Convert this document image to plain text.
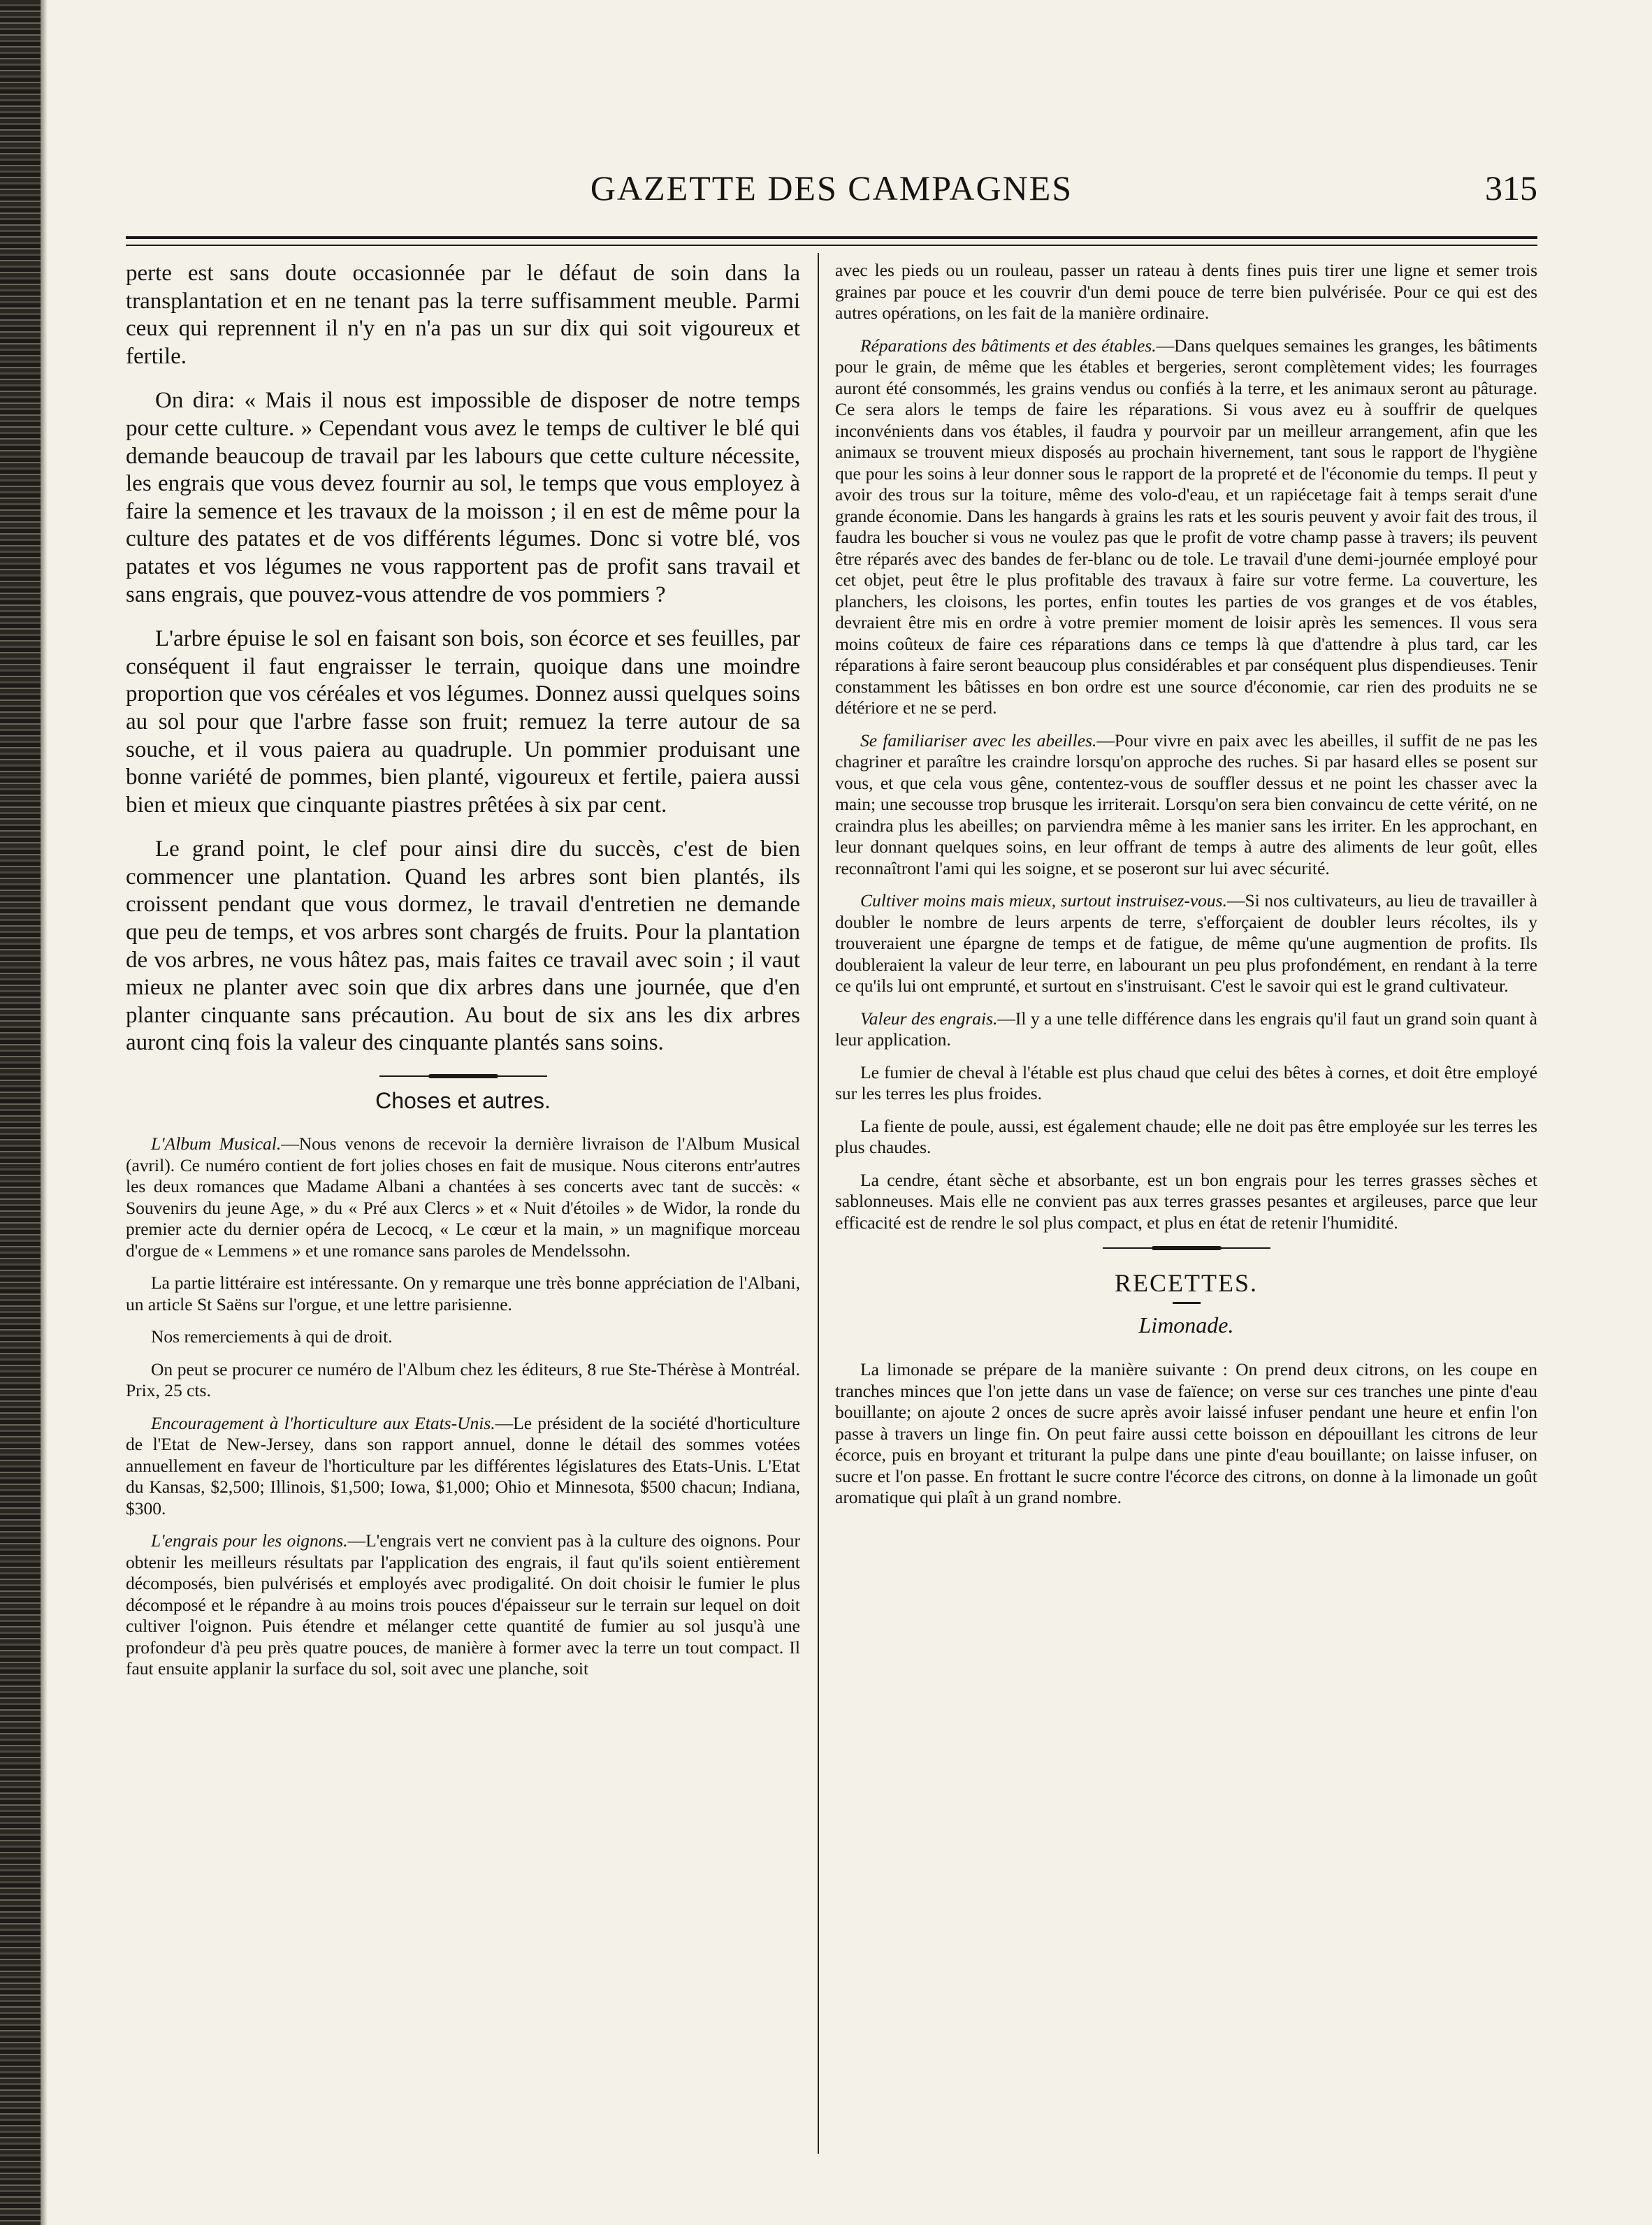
GAZETTE DES CAMPAGNES	315

perte est sans doute occasionnée par le défaut de soin dans la transplantation et en ne tenant pas la terre suffisamment meuble. Parmi ceux qui reprennent il n'y en n'a pas un sur dix qui soit vigoureux et fertile.

On dira: « Mais il nous est impossible de disposer de notre temps pour cette culture. » Cependant vous avez le temps de cultiver le blé qui demande beaucoup de travail par les labours que cette culture nécessite, les engrais que vous devez fournir au sol, le temps que vous employez à faire la semence et les travaux de la moisson ; il en est de même pour la culture des patates et de vos différents légumes. Donc si votre blé, vos patates et vos légumes ne vous rapportent pas de profit sans travail et sans engrais, que pouvez-vous attendre de vos pommiers ?

L'arbre épuise le sol en faisant son bois, son écorce et ses feuilles, par conséquent il faut engraisser le terrain, quoique dans une moindre proportion que vos céréales et vos légumes. Donnez aussi quelques soins au sol pour que l'arbre fasse son fruit; remuez la terre autour de sa souche, et il vous paiera au quadruple. Un pommier produisant une bonne variété de pommes, bien planté, vigoureux et fertile, paiera aussi bien et mieux que cinquante piastres prêtées à six par cent.

Le grand point, le clef pour ainsi dire du succès, c'est de bien commencer une plantation. Quand les arbres sont bien plantés, ils croissent pendant que vous dormez, le travail d'entretien ne demande que peu de temps, et vos arbres sont chargés de fruits. Pour la plantation de vos arbres, ne vous hâtez pas, mais faites ce travail avec soin ; il vaut mieux ne planter avec soin que dix arbres dans une journée, que d'en planter cinquante sans précaution. Au bout de six ans les dix arbres auront cinq fois la valeur des cinquante plantés sans soins.

Choses et autres.

L'Album Musical.—Nous venons de recevoir la dernière livraison de l'Album Musical (avril). Ce numéro contient de fort jolies choses en fait de musique. Nous citerons entr'autres les deux romances que Madame Albani a chantées à ses concerts avec tant de succès: « Souvenirs du jeune Age, » du « Pré aux Clercs » et « Nuit d'étoiles » de Widor, la ronde du premier acte du dernier opéra de Lecocq, « Le cœur et la main, » un magnifique morceau d'orgue de « Lemmens » et une romance sans paroles de Mendelssohn.

La partie littéraire est intéressante. On y remarque une très bonne appréciation de l'Albani, un article St Saëns sur l'orgue, et une lettre parisienne.

Nos remerciements à qui de droit.

On peut se procurer ce numéro de l'Album chez les éditeurs, 8 rue Ste-Thérèse à Montréal. Prix, 25 cts.

Encouragement à l'horticulture aux Etats-Unis.—Le président de la société d'horticulture de l'Etat de New-Jersey, dans son rapport annuel, donne le détail des sommes votées annuellement en faveur de l'horticulture par les différentes législatures des Etats-Unis. L'Etat du Kansas, $2,500; Illinois, $1,500; Iowa, $1,000; Ohio et Minnesota, $500 chacun; Indiana, $300.

L'engrais pour les oignons.—L'engrais vert ne convient pas à la culture des oignons. Pour obtenir les meilleurs résultats par l'application des engrais, il faut qu'ils soient entièrement décomposés, bien pulvérisés et employés avec prodigalité. On doit choisir le fumier le plus décomposé et le répandre à au moins trois pouces d'épaisseur sur le terrain sur lequel on doit cultiver l'oignon. Puis étendre et mélanger cette quantité de fumier au sol jusqu'à une profondeur d'à peu près quatre pouces, de manière à former avec la terre un tout compact. Il faut ensuite applanir la surface du sol, soit avec une planche, soit

avec les pieds ou un rouleau, passer un rateau à dents fines puis tirer une ligne et semer trois graines par pouce et les couvrir d'un demi pouce de terre bien pulvérisée. Pour ce qui est des autres opérations, on les fait de la manière ordinaire.

Réparations des bâtiments et des étables.—Dans quelques semaines les granges, les bâtiments pour le grain, de même que les étables et bergeries, seront complètement vides; les fourrages auront été consommés, les grains vendus ou confiés à la terre, et les animaux seront au pâturage. Ce sera alors le temps de faire les réparations. Si vous avez eu à souffrir de quelques inconvénients dans vos étables, il faudra y pourvoir par un meilleur arrangement, afin que les animaux se trouvent mieux disposés au prochain hivernement, tant sous le rapport de l'hygiène que pour les soins à leur donner sous le rapport de la propreté et de l'économie du temps. Il peut y avoir des trous sur la toiture, même des volo-d'eau, et un rapiécetage fait à temps serait d'une grande économie. Dans les hangards à grains les rats et les souris peuvent y avoir fait des trous, il faudra les boucher si vous ne voulez pas que le profit de votre champ passe à travers; ils peuvent être réparés avec des bandes de fer-blanc ou de tole. Le travail d'une demi-journée employé pour cet objet, peut être le plus profitable des travaux à faire sur votre ferme. La couverture, les planchers, les cloisons, les portes, enfin toutes les parties de vos granges et de vos étables, devraient être mis en ordre à votre premier moment de loisir après les semences. Il vous sera moins coûteux de faire ces réparations dans ce temps là que d'attendre à plus tard, car les réparations à faire seront beaucoup plus considérables et par conséquent plus dispendieuses. Tenir constamment les bâtisses en bon ordre est une source d'économie, car rien des produits ne se détériore et ne se perd.

Se familiariser avec les abeilles.—Pour vivre en paix avec les abeilles, il suffit de ne pas les chagriner et paraître les craindre lorsqu'on approche des ruches. Si par hasard elles se posent sur vous, et que cela vous gêne, contentez-vous de souffler dessus et ne point les chasser avec la main; une secousse trop brusque les irriterait. Lorsqu'on sera bien convaincu de cette vérité, on ne craindra plus les abeilles; on parviendra même à les manier sans les irriter. En les approchant, en leur donnant quelques soins, en leur offrant de temps à autre des aliments de leur goût, elles reconnaîtront l'ami qui les soigne, et se poseront sur lui avec sécurité.

Cultiver moins mais mieux, surtout instruisez-vous.—Si nos cultivateurs, au lieu de travailler à doubler le nombre de leurs arpents de terre, s'efforçaient de doubler leurs récoltes, ils y trouveraient une épargne de temps et de fatigue, de même qu'une augmention de profits. Ils doubleraient la valeur de leur terre, en labourant un peu plus profondément, en rendant à la terre ce qu'ils lui ont emprunté, et surtout en s'instruisant. C'est le savoir qui est le grand cultivateur.

Valeur des engrais.—Il y a une telle différence dans les engrais qu'il faut un grand soin quant à leur application.

Le fumier de cheval à l'étable est plus chaud que celui des bêtes à cornes, et doit être employé sur les terres les plus froides.

La fiente de poule, aussi, est également chaude; elle ne doit pas être employée sur les terres les plus chaudes.

La cendre, étant sèche et absorbante, est un bon engrais pour les terres grasses sèches et sablonneuses. Mais elle ne convient pas aux terres grasses pesantes et argileuses, parce que leur efficacité est de rendre le sol plus compact, et plus en état de retenir l'humidité.

RECETTES.
Limonade.

La limonade se prépare de la manière suivante : On prend deux citrons, on les coupe en tranches minces que l'on jette dans un vase de faïence; on verse sur ces tranches une pinte d'eau bouillante; on ajoute 2 onces de sucre après avoir laissé infuser pendant une heure et enfin l'on passe à travers un linge fin. On peut faire aussi cette boisson en dépouillant les citrons de leur écorce, puis en broyant et triturant la pulpe dans une pinte d'eau bouillante; on laisse infuser, on sucre et l'on passe. En frottant le sucre contre l'écorce des citrons, on donne à la limonade un goût aromatique qui plaît à un grand nombre.
